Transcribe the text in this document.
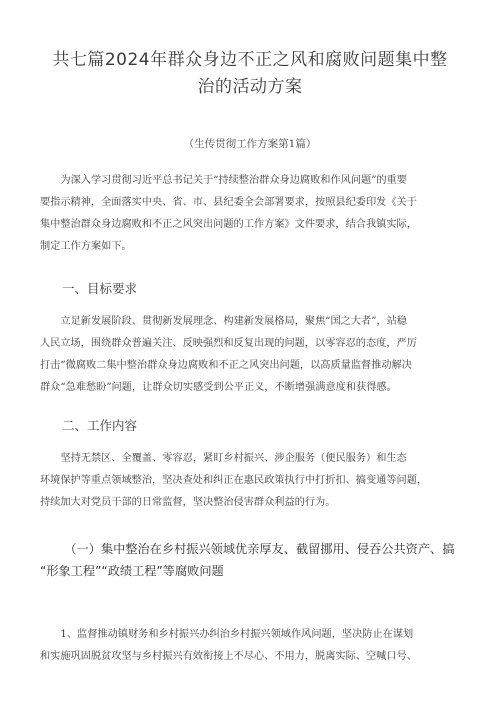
共七篇2024年群众身边不正之风和腐败问题集中整
治的活动方案
（生传贯彻工作方案第1篇）
为深入学习贯彻习近平总书记关于“持续整治群众身边腐败和作风问题”的重要
要指示精神，全面落实中央、省、市、县纪委全会部署要求，按照县纪委印发《关于
集中整治群众身边腐败和不正之风突出问题的工作方案》文件要求，结合我镇实际，
制定工作方案如下。
一、目标要求
立足新发展阶段、贯彻新发展理念、构建新发展格局，聚焦“国之大者”，站稳
人民立场，围绕群众普遍关注、反映强烈和反复出现的问题，以零容忍的态度，严厉
打击“微腐败二集中整治群众身边腐败和不正之风突出问题，以高质量监督推动解决
群众“急难愁盼”问题，让群众切实感受到公平正义，不断增强满意度和获得感。
二、工作内容
坚持无禁区、全覆盖、零容忍，紧盯乡村振兴、涉企服务（便民服务）和生态
环境保护等重点领域整治，坚决查处和纠正在惠民政策执行中打折扣、搞变通等问题，
持续加大对党员干部的日常监督，坚决整治侵害群众利益的行为。
（一）集中整治在乡村振兴领域优亲厚友、截留挪用、侵吞公共资产、搞
“形象工程”“政绩工程”等腐败问题
1、监督推动镇财务和乡村振兴办纠治乡村振兴领域作风问题，坚决防止在谋划
和实施巩固脱贫攻坚与乡村振兴有效衔接上不尽心、不用力，脱离实际、空喊口号、
